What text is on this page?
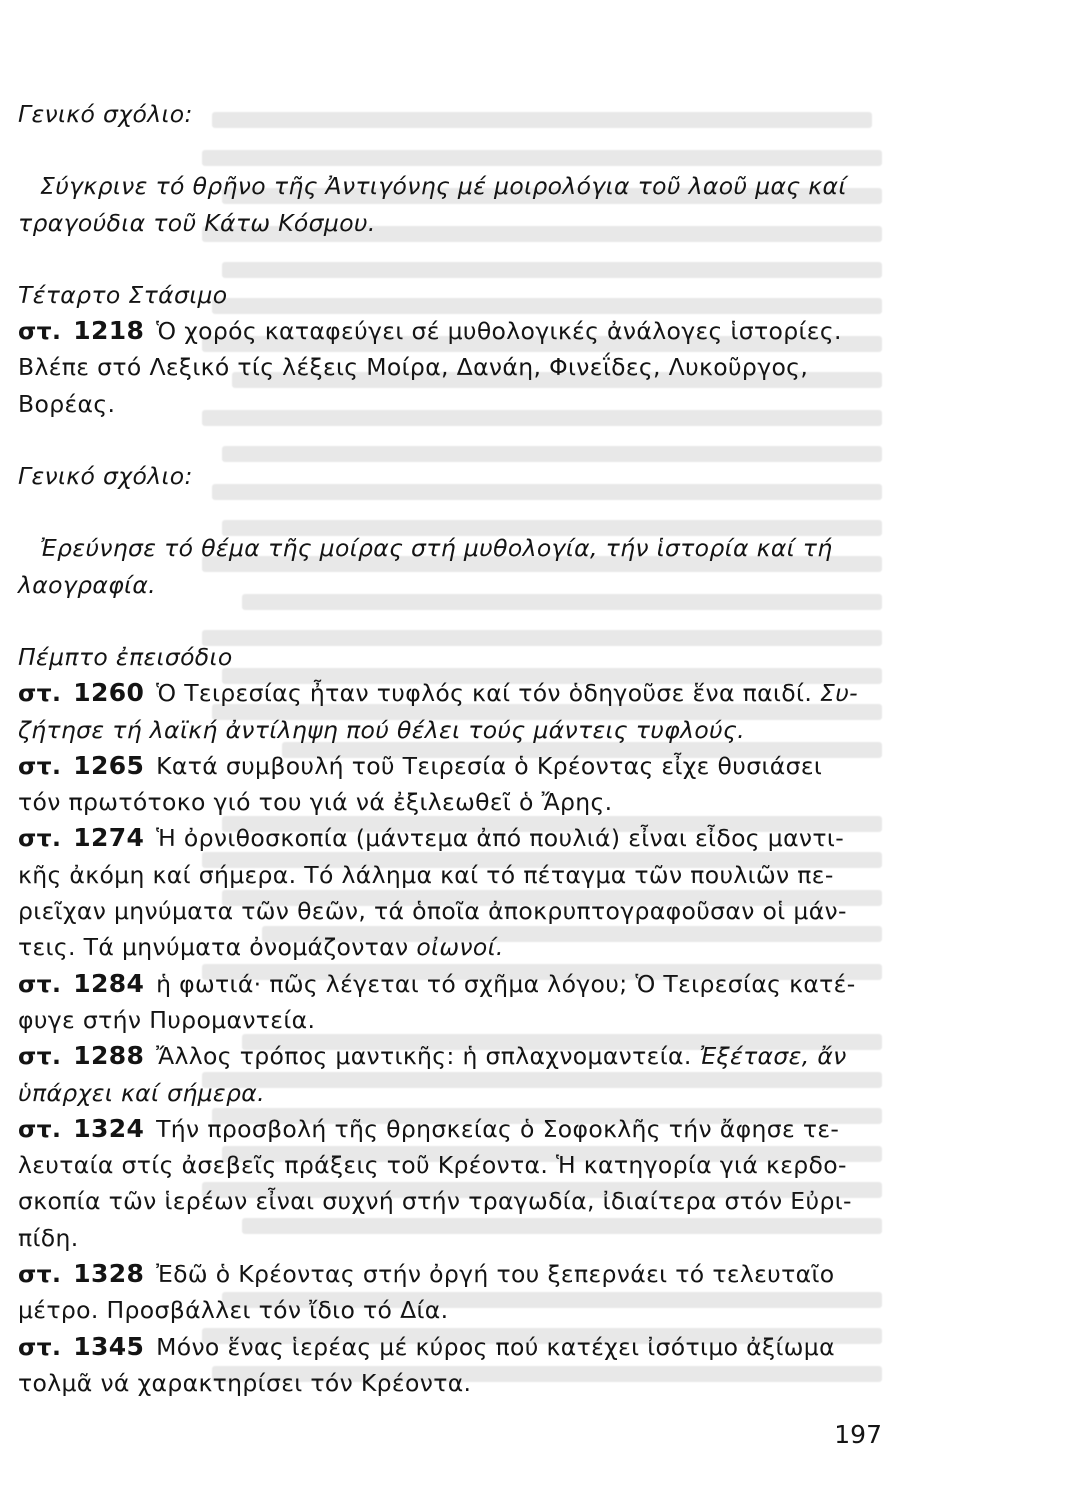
Γενικό σχόλιο:

Σύγκρινε τό θρῆνο τῆς Ἀντιγόνης μέ μοιρολόγια τοῦ λαοῦ μας καί

τραγούδια τοῦ Κάτω Κόσμου.

Τέταρτο Στάσιμο

στ. 1218 Ὁ χορός καταφεύγει σέ μυθολογικές ἀνάλογες ἱστορίες.

Βλέπε στό Λεξικό τίς λέξεις Μοίρα, Δανάη, Φινεΐδες, Λυκοῦργος,

Βορέας.

Γενικό σχόλιο:

Ἐρεύνησε τό θέμα τῆς μοίρας στή μυθολογία, τήν ἱστορία καί τή

λαογραφία.

Πέμπτο ἐπεισόδιο

στ. 1260 Ὁ Τειρεσίας ἦταν τυφλός καί τόν ὁδηγοῦσε ἕνα παιδί. Συ-

ζήτησε τή λαϊκή ἀντίληψη πού θέλει τούς μάντεις τυφλούς.

στ. 1265 Κατά συμβουλή τοῦ Τειρεσία ὁ Κρέοντας εἶχε θυσιάσει

τόν πρωτότοκο γιό του γιά νά ἐξιλεωθεῖ ὁ Ἄρης.

στ. 1274 Ἡ ὀρνιθοσκοπία (μάντεμα ἀπό πουλιά) εἶναι εἶδος μαντι-

κῆς ἀκόμη καί σήμερα. Τό λάλημα καί τό πέταγμα τῶν πουλιῶν πε-

ριεῖχαν μηνύματα τῶν θεῶν, τά ὁποῖα ἀποκρυπτογραφοῦσαν οἱ μάν-

τεις. Τά μηνύματα ὀνομάζονταν οἰωνοί.

στ. 1284 ἡ φωτιά· πῶς λέγεται τό σχῆμα λόγου; Ὁ Τειρεσίας κατέ-

φυγε στήν Πυρομαντεία.

στ. 1288 Ἄλλος τρόπος μαντικῆς: ἡ σπλαχνομαντεία. Ἐξέτασε, ἄν

ὑπάρχει καί σήμερα.

στ. 1324 Τήν προσβολή τῆς θρησκείας ὁ Σοφοκλῆς τήν ἄφησε τε-

λευταία στίς ἀσεβεῖς πράξεις τοῦ Κρέοντα. Ἡ κατηγορία γιά κερδο-

σκοπία τῶν ἱερέων εἶναι συχνή στήν τραγωδία, ἰδιαίτερα στόν Εὐρι-

πίδη.

στ. 1328 Ἐδῶ ὁ Κρέοντας στήν ὀργή του ξεπερνάει τό τελευταῖο

μέτρο. Προσβάλλει τόν ἴδιο τό Δία.

στ. 1345 Μόνο ἕνας ἱερέας μέ κύρος πού κατέχει ἰσότιμο ἀξίωμα

τολμᾶ νά χαρακτηρίσει τόν Κρέοντα.

197
